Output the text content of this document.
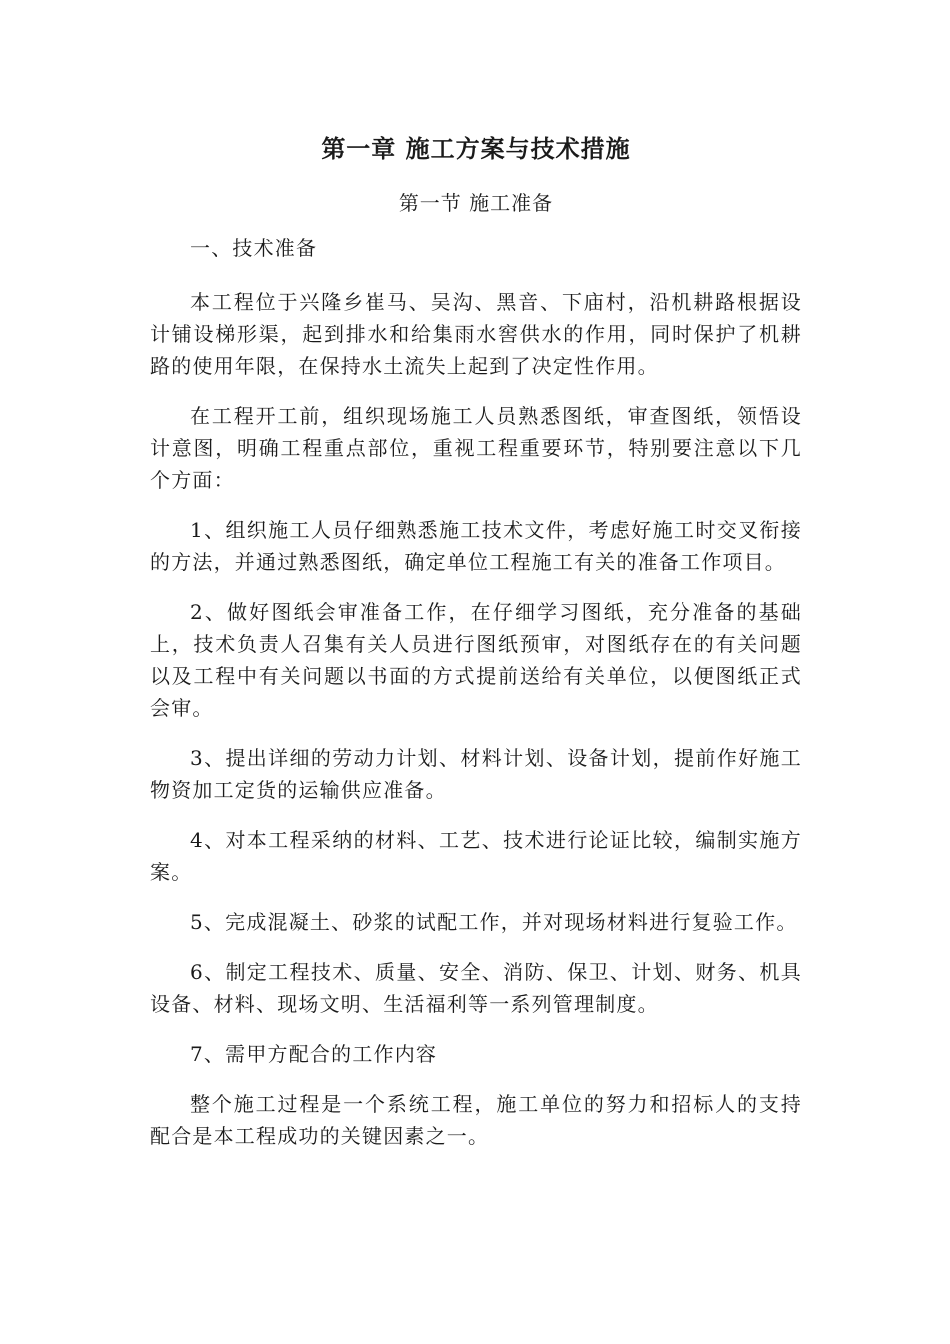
第一章 施工方案与技术措施
第一节 施工准备
一、技术准备

本工程位于兴隆乡崔马、吴沟、黑音、下庙村，沿机耕路根据设计铺设梯形渠，起到排水和给集雨水窖供水的作用，同时保护了机耕路的使用年限，在保持水土流失上起到了决定性作用。

在工程开工前，组织现场施工人员熟悉图纸，审查图纸，领悟设计意图，明确工程重点部位，重视工程重要环节，特别要注意以下几个方面：

1、组织施工人员仔细熟悉施工技术文件，考虑好施工时交叉衔接的方法，并通过熟悉图纸，确定单位工程施工有关的准备工作项目。

2、做好图纸会审准备工作，在仔细学习图纸，充分准备的基础上，技术负责人召集有关人员进行图纸预审，对图纸存在的有关问题以及工程中有关问题以书面的方式提前送给有关单位，以便图纸正式会审。

3、提出详细的劳动力计划、材料计划、设备计划，提前作好施工物资加工定货的运输供应准备。

4、对本工程采纳的材料、工艺、技术进行论证比较，编制实施方案。

5、完成混凝土、砂浆的试配工作，并对现场材料进行复验工作。

6、制定工程技术、质量、安全、消防、保卫、计划、财务、机具设备、材料、现场文明、生活福利等一系列管理制度。

7、需甲方配合的工作内容

整个施工过程是一个系统工程，施工单位的努力和招标人的支持配合是本工程成功的关键因素之一。
